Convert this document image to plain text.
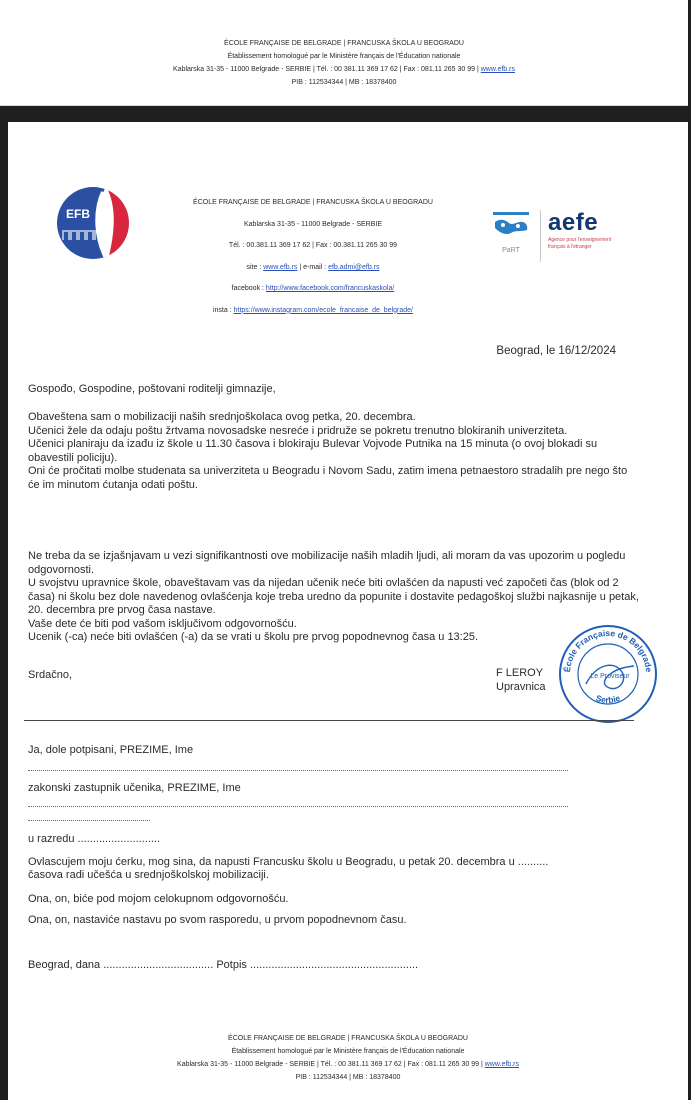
ÉCOLE FRANÇAISE DE BELGRADE | FRANCUSKA ŠKOLA U BEOGRADU
Établissement homologué par le Ministère français de l'Éducation nationale
Kablarska 31-35 - 11000 Belgrade - SERBIE | Tél. : 00 381.11 369 17 62 | Fax : 081.11 265 30 99 | www.efb.rs
PIB : 112534344 | MB : 18378400
EFB
ÉCOLE FRANÇAISE DE BELGRADE | FRANCUSKA ŠKOLA U BEOGRADU
Kablarska 31-35 - 11000 Belgrade - SERBIE
Tél. : 00.381.11 369 17 62 | Fax : 00.381.11 265 30 99
site : www.efb.rs | e-mail : efb.admi@efb.rs
facebook : http://www.facebook.com/francuskaskola/
insta : https://www.instagram.com/ecole_francaise_de_belgrade/
PaRT
aefe
Agence pour l'enseignement français à l'étranger
Beograd, le 16/12/2024

Gospođo, Gospodine, poštovani roditelji gimnazije,

Obaveštena sam o mobilizaciji naših srednjoškolaca ovog petka, 20. decembra.

Učenici žele da odaju poštu žrtvama novosadske nesreće i pridruže se pokretu trenutno blokiranih univerziteta.

Učenici planiraju da izađu iz škole u 11.30 časova i blokiraju Bulevar Vojvode Putnika na 15 minuta (o ovoj blokadi su obavestili policiju).

Oni će pročitati molbe studenata sa univerziteta u Beogradu i Novom Sadu, zatim imena petnaestoro stradalih pre nego što će im minutom ćutanja odati poštu.

Ne treba da se izjašnjavam u vezi signifikantnosti ove mobilizacije naših mladih ljudi, ali moram da vas upozorim u pogledu odgovornosti.

U svojstvu upravnice škole, obaveštavam vas da nijedan učenik neće biti ovlašćen da napusti već započeti čas (blok od 2 časa) ni školu bez dole navedenog ovlašćenja koje treba uredno da popunite i dostavite pedagoškoj službi najkasnije u petak, 20. decembra pre prvog časa nastave.

Vaše dete će biti pod vašom isključivom odgovornošću.

Ucenik (-ca) neće biti ovlašćen (-a) da se vrati u školu pre prvog popodnevnog časa u 13:25.

Srdačno,	F LEROY
Upravnica
École Française de Belgrade
Serbie
Le Proviseur
Ja, dole potpisani, PREZIME, Ime
zakonski zastupnik učenika, PREZIME, Ime
u razredu ...........................
Ovlascujem moju ćerku, mog sina, da napusti Francusku školu u Beogradu, u petak 20. decembra u ..........
časova radi učešća u srednjoškolskoj mobilizaciji.
Ona, on, biće pod mojom celokupnom odgovornošću.
Ona, on, nastaviće nastavu po svom rasporedu, u prvom popodnevnom času.
Beograd, dana .................................... Potpis .......................................................
ÉCOLE FRANÇAISE DE BELGRADE | FRANCUSKA ŠKOLA U BEOGRADU
Établissement homologué par le Ministère français de l'Éducation nationale
Kablarska 31-35 - 11000 Belgrade - SERBIE | Tél. : 00 381.11 369 17 62 | Fax : 081.11 265 30 99 | www.efb.rs
PIB : 112534344 | MB : 18378400
